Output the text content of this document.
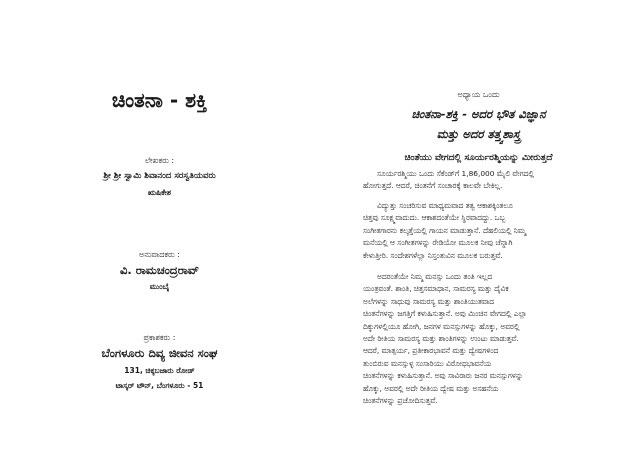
ಚಿಂತನಾ - ಶಕ್ತಿ
ಲೇಖಕರು :
ಶ್ರೀ ಶ್ರೀ ಸ್ವಾಮಿ ಶಿವಾನಂದ ಸರಸ್ವತಿಯವರು
ಋಷಿಕೇಶ
ಅನುವಾದಕರು :
ವಿ. ರಾಮಚಂದ್ರರಾವ್
ಮುಂಬೈ
ಪ್ರಕಾಶಕರು :
ಬೆಂಗಳೂರು ದಿವ್ಯ ಜೀವನ ಸಂಘ
131, ಚಿಕ್ಕಬಜಾರು ರೋಡ್
ಟಾಸ್ಕರ್ ಟೌನ್, ಬೆಂಗಳೂರು - 51
ಅಧ್ಯಾಯ ಒಂದು
ಚಿಂತನಾ-ಶಕ್ತಿ - ಅದರ ಭೌತ ವಿಜ್ಞಾನ
ಮತ್ತು ಅದರ ತತ್ತ್ವಶಾಸ್ತ್ರ
ಚಿಂತೆಯು ವೇಗದಲ್ಲಿ ಸೂರ್ಯರಶ್ಮಿಯನ್ನು ಮೀರುತ್ತದೆ
ಸೂರ್ಯರಶ್ಮಿಯು ಒಂದು ಸೆಕೆಂಡ್‌ಗೆ 1,86,000 ಮೈಲಿ ವೇಗದಲ್ಲಿ
ಹೋಗುತ್ತದೆ. ಆದರೆ, ಚಿಂತನೆಗೆ ಸಂಚಾರಕ್ಕೆ ಕಾಲವೇ ಬೇಕಿಲ್ಲ.
ವಿದ್ಯುತ್ತು ಸಂಚರಿಸುವ ಮಾಧ್ಯಮವಾದ ತತ್ವ ಆಕಾಶಕ್ಕಿಂತಲೂ
ಚಿತ್ತವು ಸೂಕ್ಷ್ಮವಾದುದು. ಆಕಾಶದಂತೆಯೇ ಸ್ಥಿರವಾದದ್ದು. ಒಬ್ಬ
ಸಂಗೀತಗಾರನು ಕಲ್ಕತ್ತೆಯಲ್ಲಿ ಗಾಯನ ಮಾಡುತ್ತಾನೆ. ದೆಹಲಿಯಲ್ಲಿ ನಿಮ್ಮ
ಮನೆಯಲ್ಲಿ ಆ ಸಂಗೀತಗಳನ್ನು ರೇಡಿಯೋ ಮೂಲಕ ನೀವು ಚೆನ್ನಾಗಿ
ಕೇಳುತ್ತೀರಿ. ಸಂದೇಶಗಳೆಲ್ಲಾ ನಿಸ್ತಂತುವಿನ ಮೂಲಕ ಬರುತ್ತವೆ.
ಅದರಂತೆಯೇ ನಿಮ್ಮ ಮನಸ್ಸು ಒಂದು ತಂತಿ ಇಲ್ಲದ
ಯಂತ್ರವಂತೆ. ಶಾಂತಿ, ಚಿತ್ತಸಮಾಧಾನ, ಸಾಮರಸ್ಯ ಮತ್ತು ದೈವಿಕ
ಅಲೆಗಳನ್ನು ಸಾಧುವು ಸಾಮರಸ್ಯ ಮತ್ತು ಶಾಂತಿಯುತವಾದ
ಚಿಂತನೆಗಳನ್ನು ಜಗತ್ತಿಗೆ ಕಳುಹಿಸುತ್ತಾನೆ. ಅವು ಮಿಂಚಿನ ವೇಗದಲ್ಲಿ ಎಲ್ಲಾ
ದಿಕ್ಕುಗಳಲ್ಲಿಯೂ ಹೋಗಿ, ಜನಗಳ ಮನಸ್ಸುಗಳನ್ನು ಹೊಕ್ಕು, ಅವರಲ್ಲಿ
ಅದೇ ರೀತಿಯ ಸಾಮರಸ್ಯ ಮತ್ತು ಶಾಂತಿಗಳನ್ನು ಉಂಟು ಮಾಡುತ್ತವೆ.
ಆದರೆ, ಮಾತ್ಸರ್ಯ, ಪ್ರತೀಕಾರಭಾವನೆ ಮತ್ತು ದ್ವೇಷಗಳಿಂದ
ತುಂಬಿರುವ ಮನಸ್ಸುಳ್ಳ ಸಂಸಾರಿಯು ವಿರೋಧಭಾವನೆಯ
ಚಿಂತನೆಗಳನ್ನು ಕಳುಹಿಸುತ್ತಾನೆ. ಅವು ಸಾವಿರಾರು ಜನರ ಮನಸ್ಸುಗಳನ್ನು
ಹೊಕ್ಕು, ಅವರಲ್ಲಿ ಅದೇ ರೀತಿಯ ದ್ವೇಷ ಮತ್ತು ಅಸಹನೆಯ
ಚಿಂತನೆಗಳನ್ನು ಪ್ರಚೋದಿಸುತ್ತವೆ.
